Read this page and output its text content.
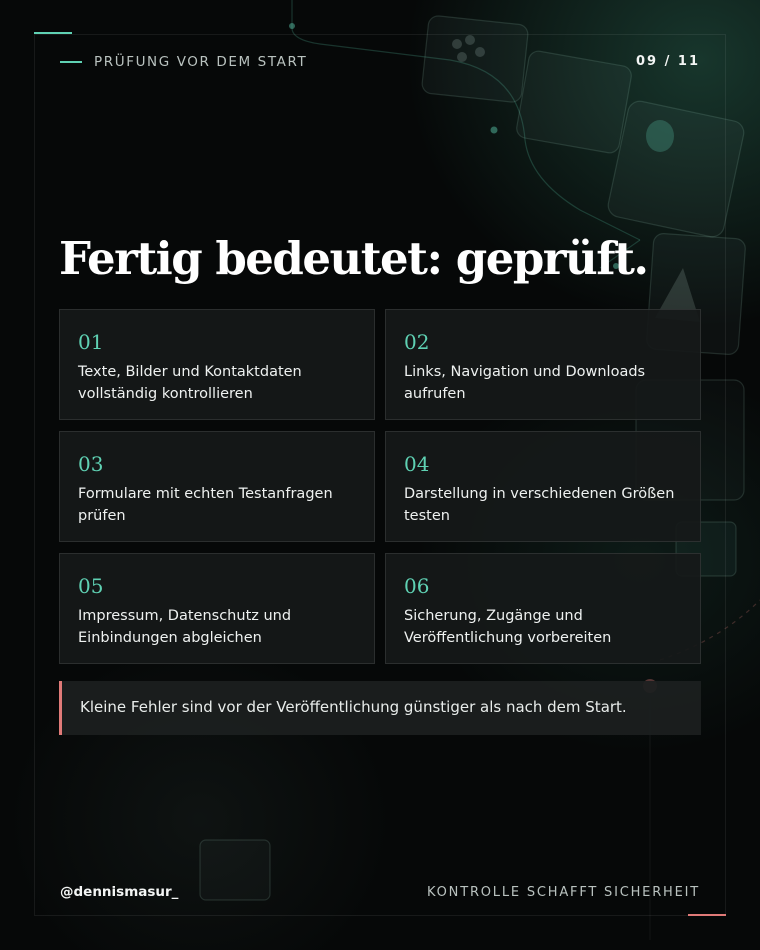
PRÜFUNG VOR DEM START	09 / 11
Fertig bedeutet: geprüft.
01
Texte, Bilder und Kontaktdaten vollständig kontrollieren
02
Links, Navigation und Downloads aufrufen
03
Formulare mit echten Testanfragen prüfen
04
Darstellung in verschiedenen Größen testen
05
Impressum, Datenschutz und Einbindungen abgleichen
06
Sicherung, Zugänge und Veröffentlichung vorbereiten
Kleine Fehler sind vor der Veröffentlichung günstiger als nach dem Start.
@dennismasur_	KONTROLLE SCHAFFT SICHERHEIT
